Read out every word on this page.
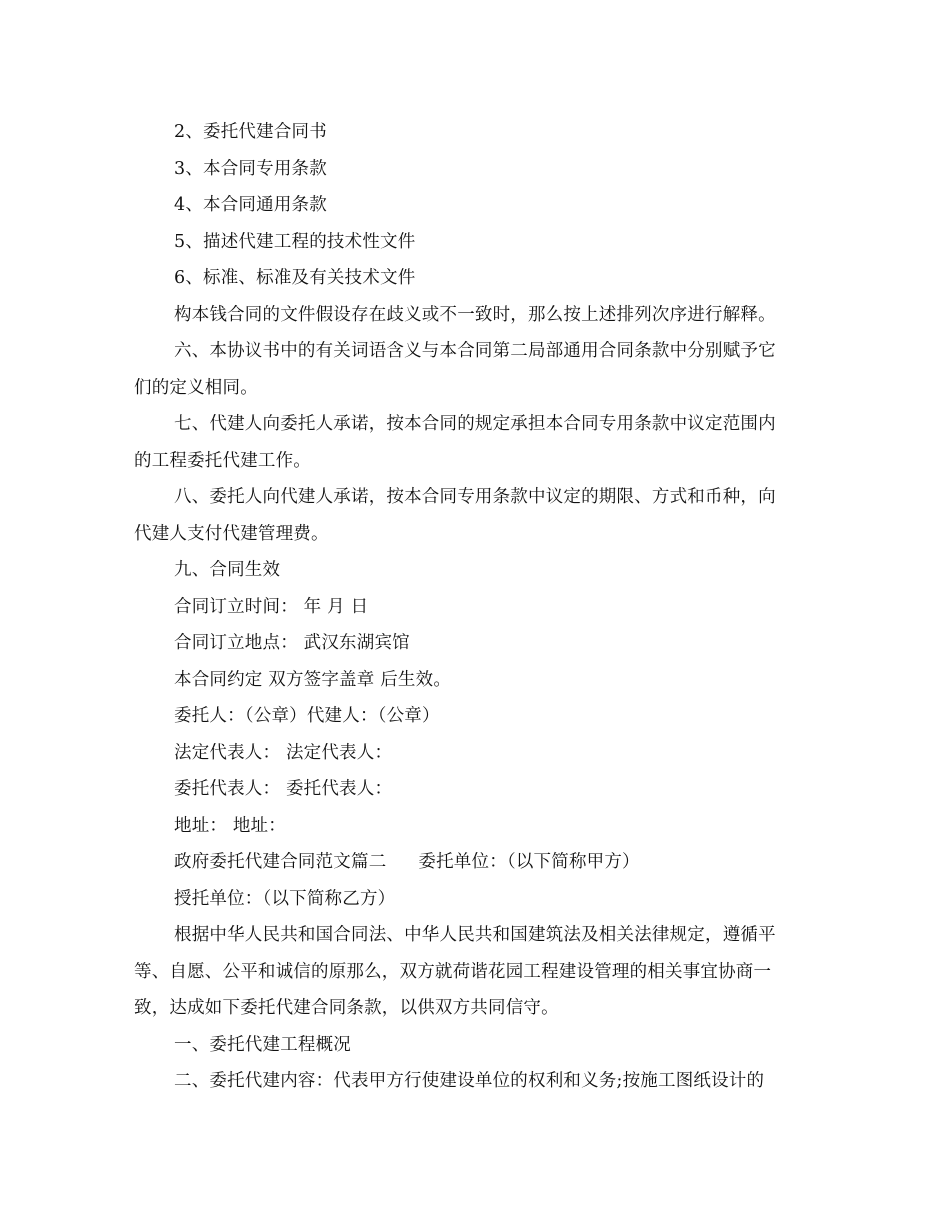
2、委托代建合同书
3、本合同专用条款
4、本合同通用条款
5、描述代建工程的技术性文件
6、标准、标准及有关技术文件
构本钱合同的文件假设存在歧义或不一致时，那么按上述排列次序进行解释。
六、本协议书中的有关词语含义与本合同第二局部通用合同条款中分别赋予它
们的定义相同。
七、代建人向委托人承诺，按本合同的规定承担本合同专用条款中议定范围内
的工程委托代建工作。
八、委托人向代建人承诺，按本合同专用条款中议定的期限、方式和币种，向
代建人支付代建管理费。
九、合同生效
合同订立时间： 年 月 日
合同订立地点： 武汉东湖宾馆
本合同约定 双方签字盖章 后生效。
委托人：（公章）代建人：（公章）
法定代表人： 法定代表人：
委托代表人： 委托代表人：
地址： 地址：
政府委托代建合同范文篇二 委托单位：（以下简称甲方）
授托单位：（以下简称乙方）
根据中华人民共和国合同法、中华人民共和国建筑法及相关法律规定，遵循平
等、自愿、公平和诚信的原那么，双方就荷谐花园工程建设管理的相关事宜协商一
致，达成如下委托代建合同条款，以供双方共同信守。
一、委托代建工程概况
二、委托代建内容：代表甲方行使建设单位的权利和义务;按施工图纸设计的
